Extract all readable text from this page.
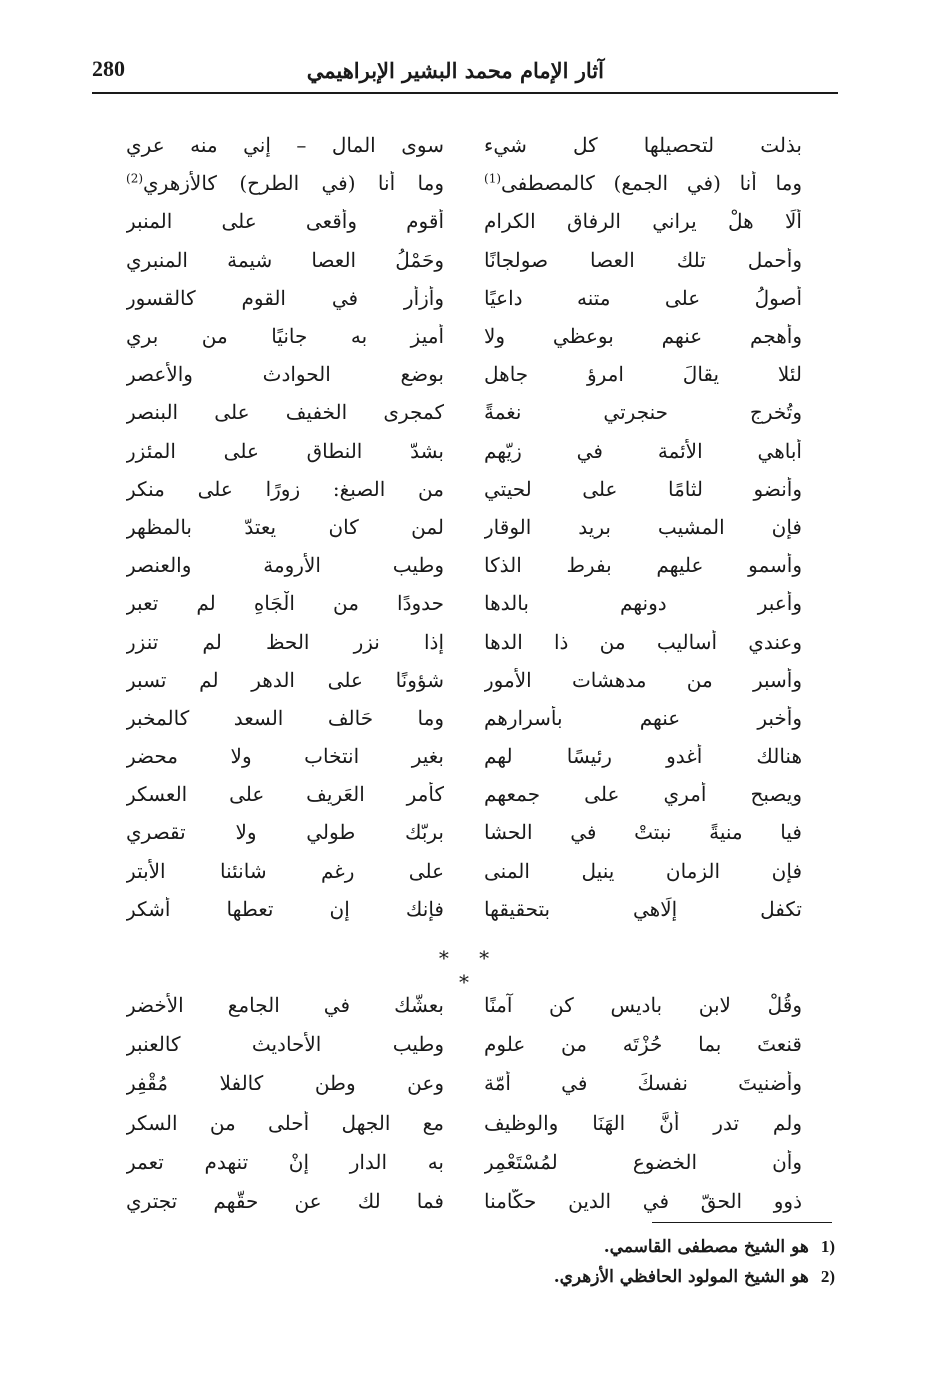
280	آثار الإمام محمد البشير الإبراهيمي
بذلت لتحصيلها كل شيء
سوى المال – إني منه عري
وما أنا (في الجمع) كالمصطفى$^{(1)}$
وما أنا (في الطرح) كالأزهري$^{(2)}$
ألَا هلْ يراني الرفاق الكرام
أقوم وأقعى على المنبر
وأحمل تلك العصا صولجانًا
وحَمْلُ العصا شيمة المنبري
أصولُ على متنه داعيًا
وأزأر في القوم كالقسور
وأهجم عنهم بوعظي ولا
أميز به جانيًا من بري
لئلا يقالَ امرؤ جاهل
بوضع الحوادث والأعصر
وتُخرج حنجرتي نغمةً
كمجرى الخفيف على البنصر
أباهي الأئمة في زيّهم
بشدّ النطاق على المئزر
وأنضو لثامًا على لحيتي
من الصبغ: زورًا على منكر
فإن المشيب بريد الوقار
لمن كان يعتدّ بالمظهر
وأسمو عليهم بفرط الذكا
وطيب الأرومة والعنصر
وأعبر دونهم بالدها
حدودًا من الْجَاهِ لم تعبر
وعندي أساليب من ذا الدها
إذا نزر الحظ لم تنزر
وأسبر من مدهشات الأمور
شؤونًا على الدهر لم تسبر
وأخبر عنهم بأسرارهم
وما حَالف السعد كالمخبر
هنالك أغدو رئيسًا لهم
بغير انتخاب ولا محضر
ويصبح أمري على جمعهم
كأمر العَريف على العسكر
فيا منيةً نبتتْ في الحشا
بربّك طولي ولا تقصري
فإن الزمان ينيل المنى
على رغم شانئنا الأبتر
تكفل إلَاهي بتحقيقها
فإنك إن تعطها أشكر
* * *
وقُلْ لابن باديس كن آمنًا
بعشّك في الجامع الأخضرِ
قنعتَ بما حُزْتَه من علوم
وطيب الأحاديث كالعنبر
وأضنيتَ نفسكَ في أمّة
وعن وطن كالفلا مُقْفِر
ولم تدرِ أنَّ الهَنَا والوظيف
مع الجهل أحلى من السكر
وأن الخضوع لمُسْتَعْمِرٍ
به الدار إنْ تنهدم تعمر
ذوو الحقّ في الدين حكّامنا
فما لك عن حقّهم تجتري
1)
هو الشيخ مصطفى القاسمي.
2)
هو الشيخ المولود الحافظي الأزهري.
